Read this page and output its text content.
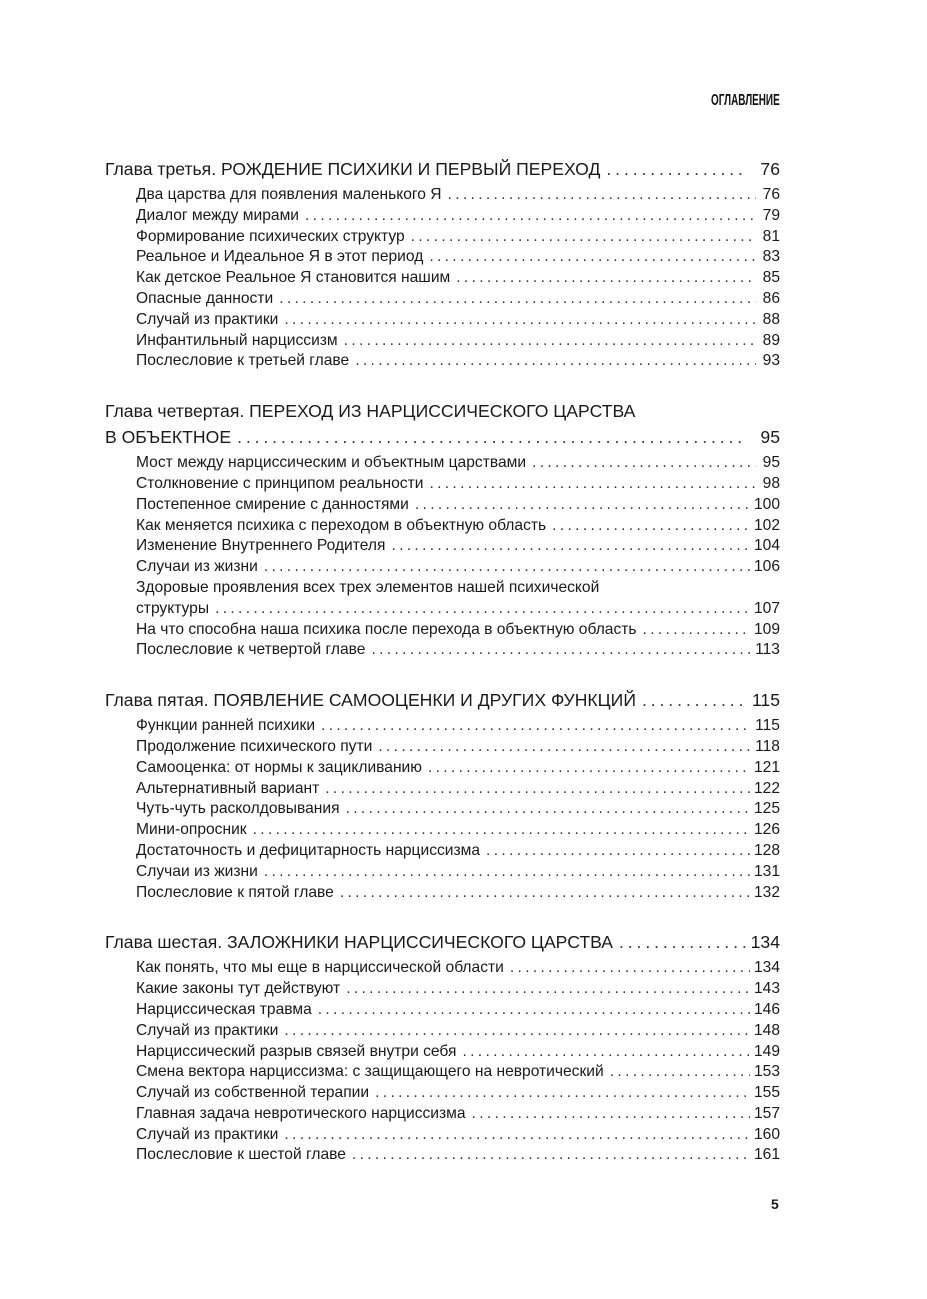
ОГЛАВЛЕНИЕ
Глава третья. РОЖДЕНИЕ ПСИХИКИ И ПЕРВЫЙ ПЕРЕХОД . . .	76
Два царства для появления маленького Я . . .	76
Диалог между мирами . . .	79
Формирование психических структур . . .	81
Реальное и Идеальное Я в этот период . . .	83
Как детское Реальное Я становится нашим . . .	85
Опасные данности . . .	86
Случай из практики . . .	88
Инфантильный нарциссизм . . .	89
Послесловие к третьей главе . . .	93
Глава четвертая. ПЕРЕХОД ИЗ НАРЦИССИЧЕСКОГО ЦАРСТВА
В ОБЪЕКТНОЕ . . .	95
Мост между нарциссическим и объектным царствами . . .	95
Столкновение с принципом реальности . . .	98
Постепенное смирение с данностями . . .	100
Как меняется психика с переходом в объектную область . . .	102
Изменение Внутреннего Родителя . . .	104
Случаи из жизни . . .	106
Здоровые проявления всех трех элементов нашей психической
структуры . . .	107
На что способна наша психика после перехода в объектную область . . .	109
Послесловие к четвертой главе . . .	113
Глава пятая. ПОЯВЛЕНИЕ САМООЦЕНКИ И ДРУГИХ ФУНКЦИЙ . . .	115
Функции ранней психики . . .	115
Продолжение психического пути . . .	118
Самооценка: от нормы к зацикливанию . . .	121
Альтернативный вариант . . .	122
Чуть-чуть расколдовывания . . .	125
Мини-опросник . . .	126
Достаточность и дефицитарность нарциссизма . . .	128
Случаи из жизни . . .	131
Послесловие к пятой главе . . .	132
Глава шестая. ЗАЛОЖНИКИ НАРЦИССИЧЕСКОГО ЦАРСТВА . . .	134
Как понять, что мы еще в нарциссической области . . .	134
Какие законы тут действуют . . .	143
Нарциссическая травма . . .	146
Случай из практики . . .	148
Нарциссический разрыв связей внутри себя . . .	149
Смена вектора нарциссизма: с защищающего на невротический . . .	153
Случай из собственной терапии . . .	155
Главная задача невротического нарциссизма . . .	157
Случай из практики . . .	160
Послесловие к шестой главе . . .	161
5
